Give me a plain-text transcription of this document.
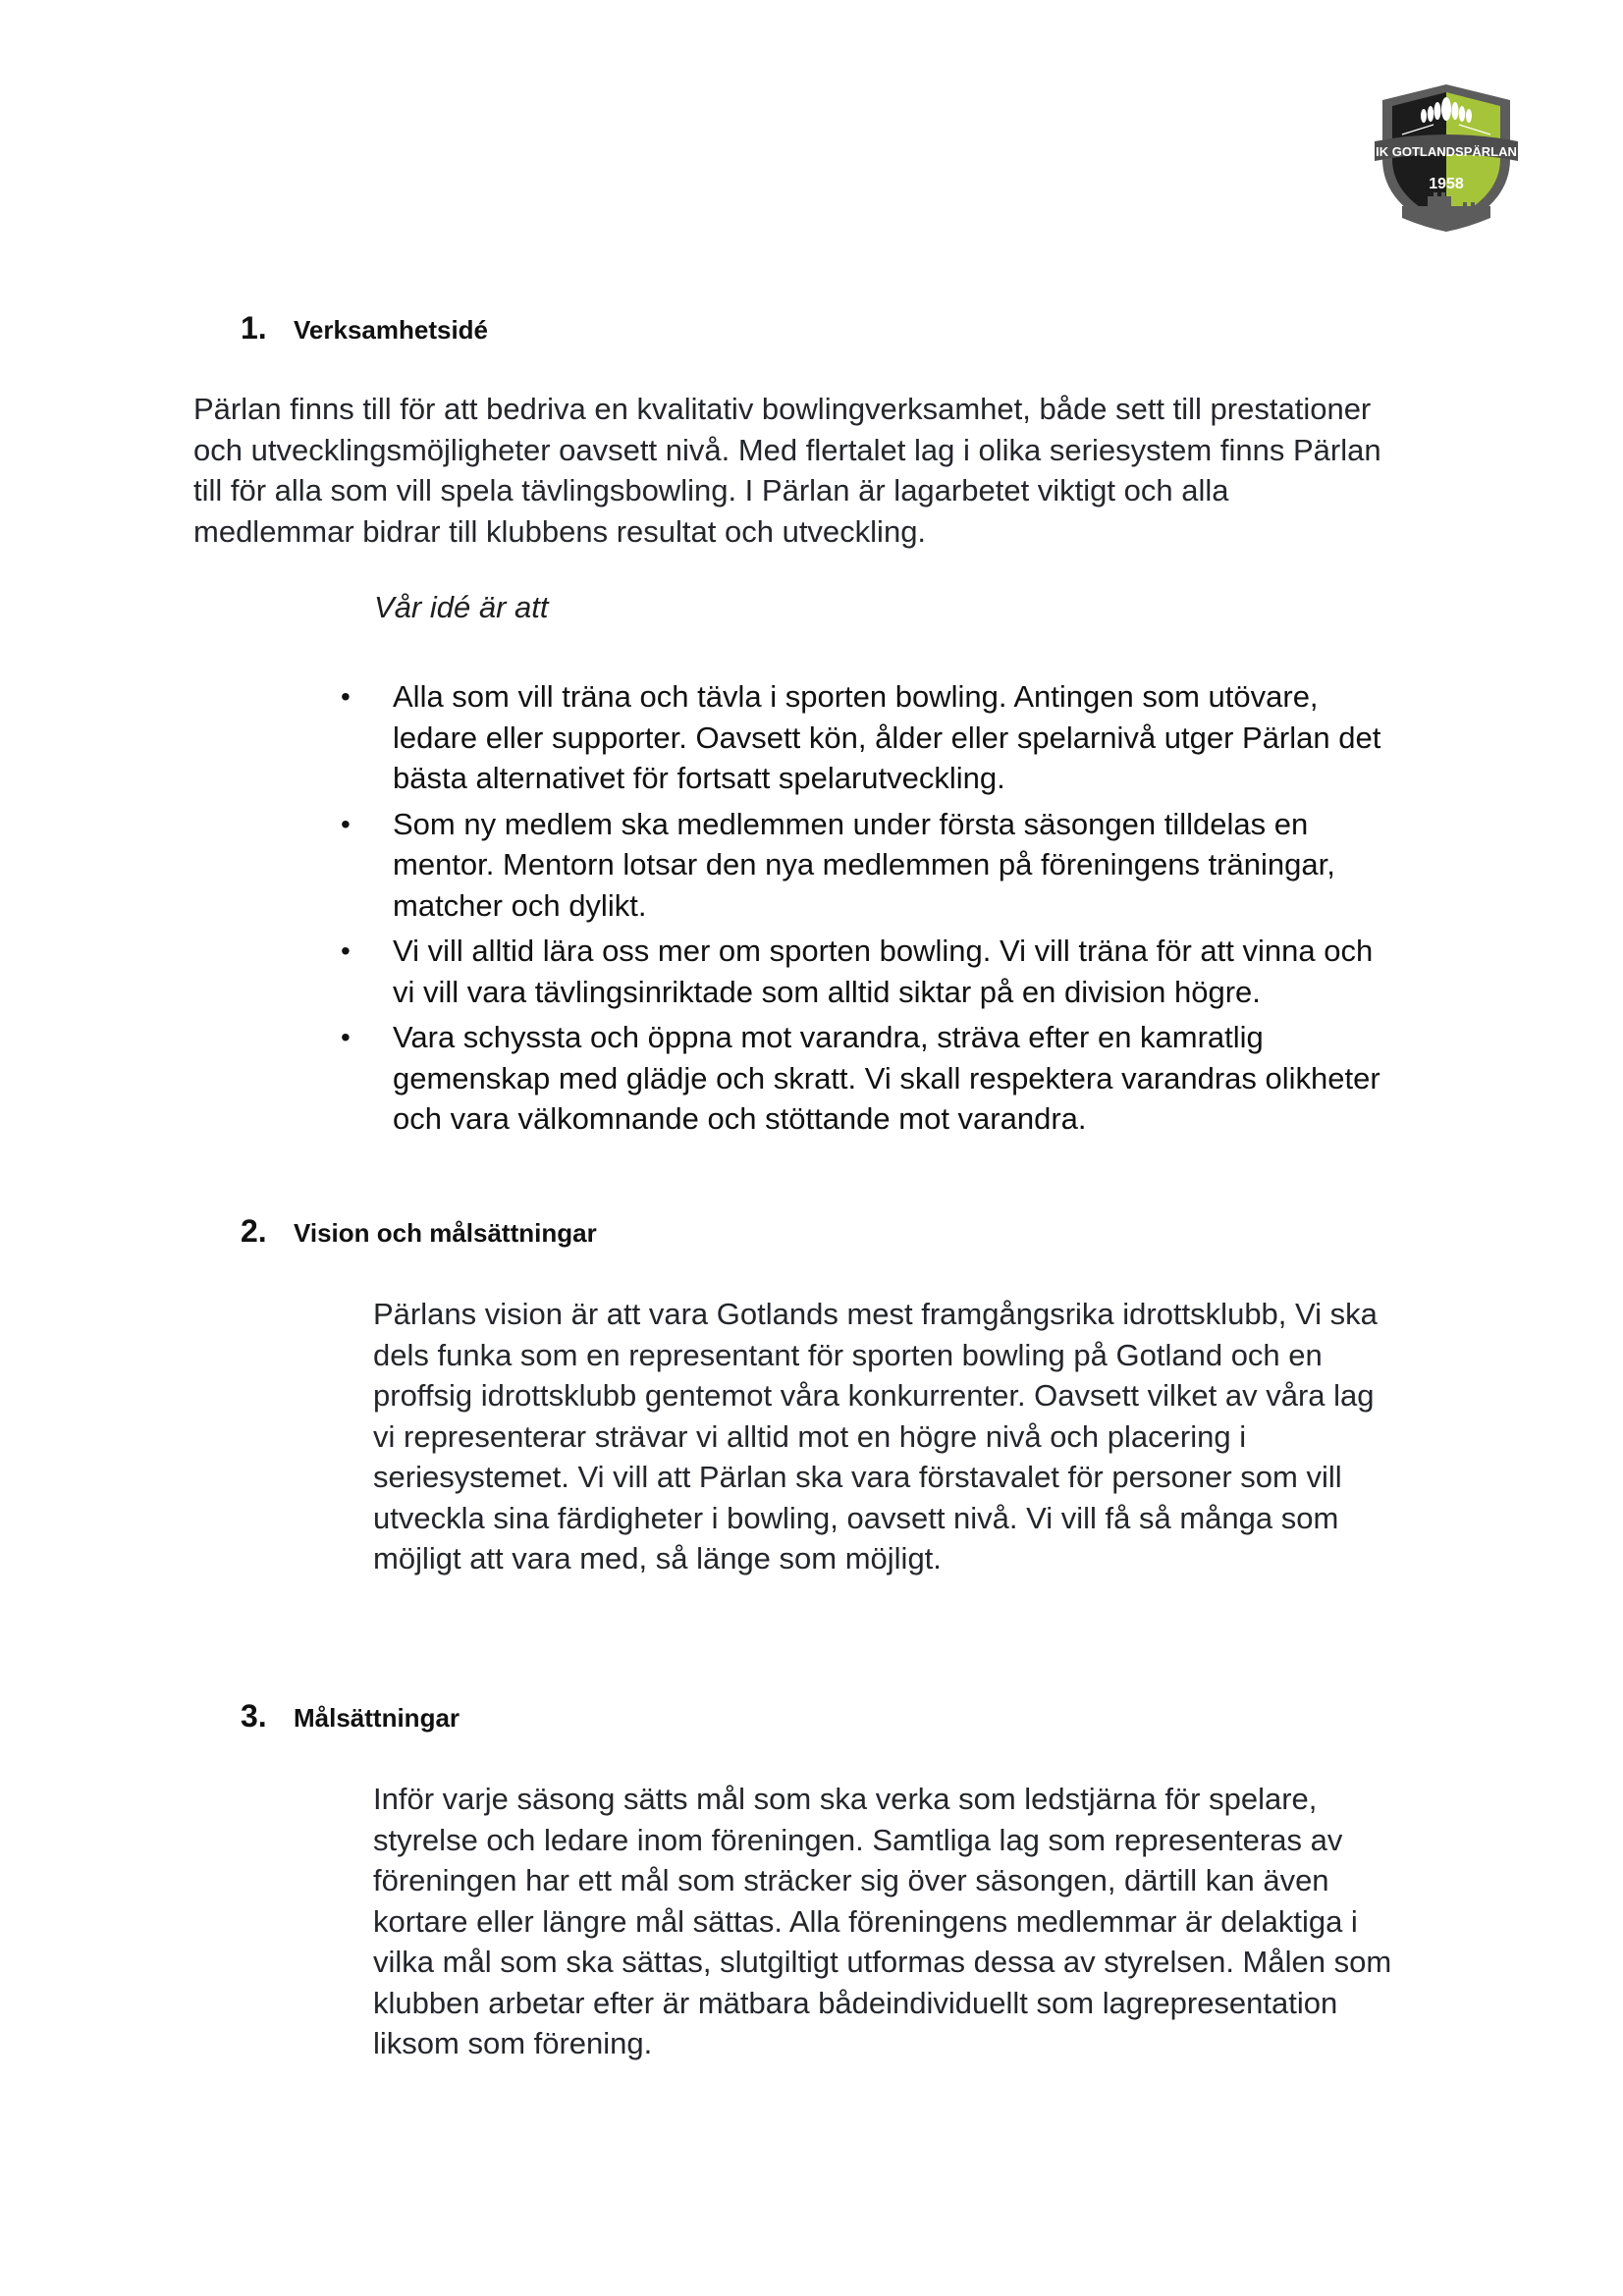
IK GOTLANDSPÄRLAN
1958
1.	Verksamhetsidé

Pärlan finns till för att bedriva en kvalitativ bowlingverksamhet, både sett till prestationer
och utvecklingsmöjligheter oavsett nivå. Med flertalet lag i olika seriesystem finns Pärlan
till för alla som vill spela tävlingsbowling. I Pärlan är lagarbetet viktigt och alla
medlemmar bidrar till klubbens resultat och utveckling.

Vår idé är att
• Alla som vill träna och tävla i sporten bowling. Antingen som utövare,
ledare eller supporter. Oavsett kön, ålder eller spelarnivå utger Pärlan det
bästa alternativet för fortsatt spelarutveckling.
• Som ny medlem ska medlemmen under första säsongen tilldelas en
mentor. Mentorn lotsar den nya medlemmen på föreningens träningar,
matcher och dylikt.
• Vi vill alltid lära oss mer om sporten bowling. Vi vill träna för att vinna och
vi vill vara tävlingsinriktade som alltid siktar på en division högre.
• Vara schyssta och öppna mot varandra, sträva efter en kamratlig
gemenskap med glädje och skratt. Vi skall respektera varandras olikheter
och vara välkomnande och stöttande mot varandra.
2.	Vision och målsättningar

Pärlans vision är att vara Gotlands mest framgångsrika idrottsklubb, Vi ska
dels funka som en representant för sporten bowling på Gotland och en
proffsig idrottsklubb gentemot våra konkurrenter. Oavsett vilket av våra lag
vi representerar strävar vi alltid mot en högre nivå och placering i
seriesystemet. Vi vill att Pärlan ska vara förstavalet för personer som vill
utveckla sina färdigheter i bowling, oavsett nivå. Vi vill få så många som
möjligt att vara med, så länge som möjligt.

3.	Målsättningar

Inför varje säsong sätts mål som ska verka som ledstjärna för spelare,
styrelse och ledare inom föreningen. Samtliga lag som representeras av
föreningen har ett mål som sträcker sig över säsongen, därtill kan även
kortare eller längre mål sättas. Alla föreningens medlemmar är delaktiga i
vilka mål som ska sättas, slutgiltigt utformas dessa av styrelsen. Målen som
klubben arbetar efter är mätbara bådeindividuellt som lagrepresentation
liksom som förening.
